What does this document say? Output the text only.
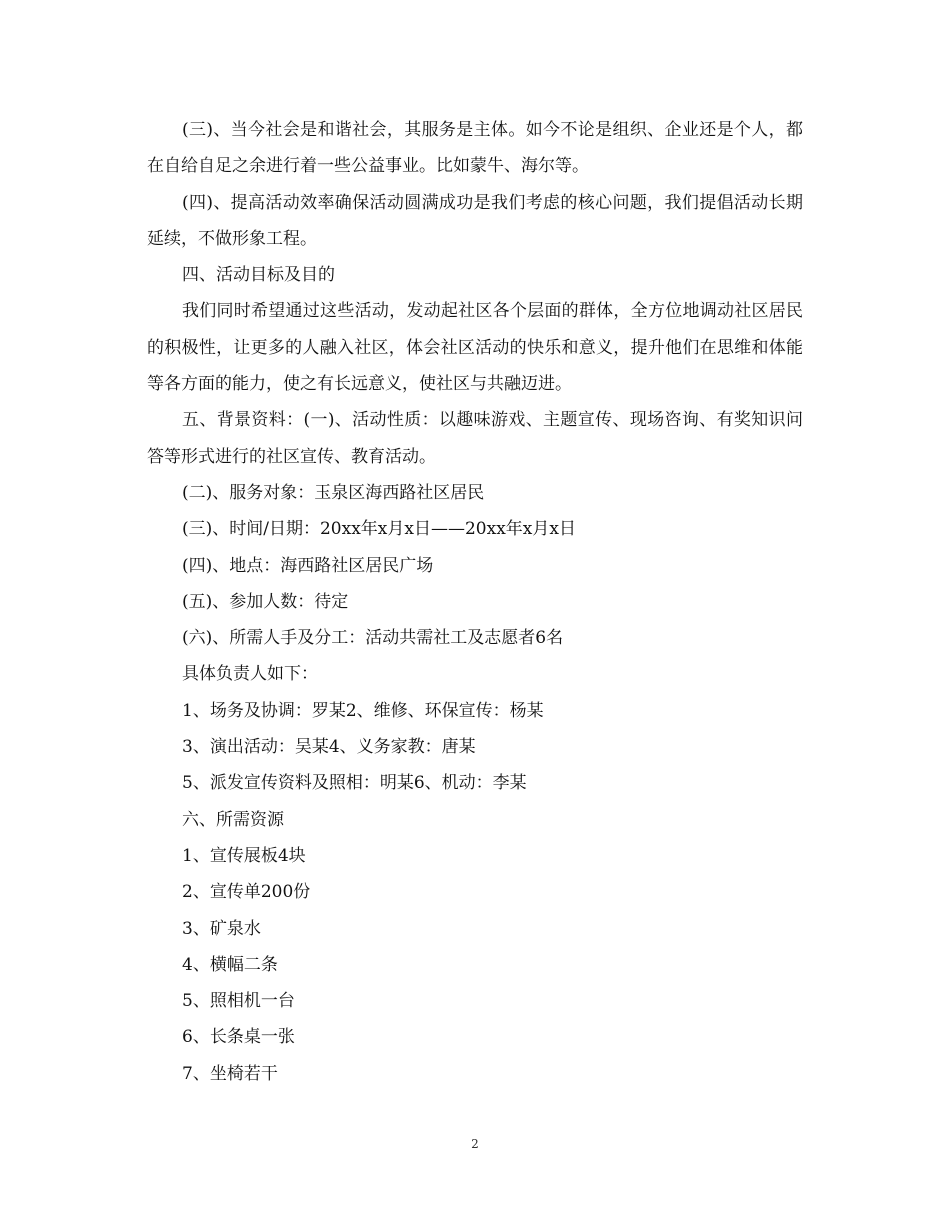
(三)、当今社会是和谐社会，其服务是主体。如今不论是组织、企业还是个人，都在自给自足之余进行着一些公益事业。比如蒙牛、海尔等。

(四)、提高活动效率确保活动圆满成功是我们考虑的核心问题，我们提倡活动长期延续，不做形象工程。

四、活动目标及目的

我们同时希望通过这些活动，发动起社区各个层面的群体，全方位地调动社区居民的积极性，让更多的人融入社区，体会社区活动的快乐和意义，提升他们在思维和体能等各方面的能力，使之有长远意义，使社区与共融迈进。

五、背景资料：(一)、活动性质：以趣味游戏、主题宣传、现场咨询、有奖知识问答等形式进行的社区宣传、教育活动。

(二)、服务对象：玉泉区海西路社区居民

(三)、时间/日期：20xx年x月x日——20xx年x月x日

(四)、地点：海西路社区居民广场

(五)、参加人数：待定

(六)、所需人手及分工：活动共需社工及志愿者6名

具体负责人如下：

1、场务及协调：罗某2、维修、环保宣传：杨某

3、演出活动：吴某4、义务家教：唐某

5、派发宣传资料及照相：明某6、机动：李某

六、所需资源

1、宣传展板4块

2、宣传单200份

3、矿泉水

4、横幅二条

5、照相机一台

6、长条桌一张

7、坐椅若干

2
